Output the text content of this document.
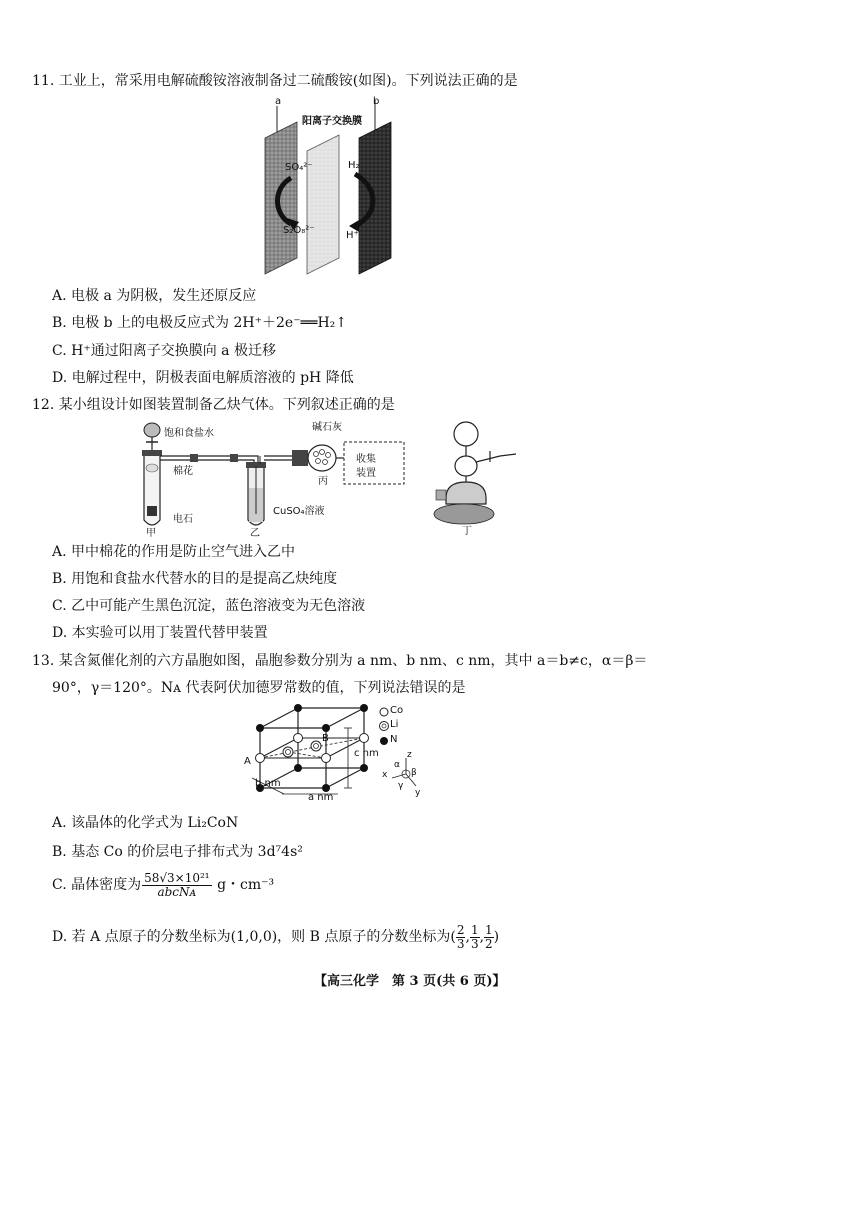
11. 工业上，常采用电解硫酸铵溶液制备过二硫酸铵(如图)。下列说法正确的是
a	b
阳离子交换膜
SO₄²⁻
S₂O₈²⁻
H₂
H⁺
A. 电极 a 为阴极，发生还原反应
B. 电极 b 上的电极反应式为 2H⁺＋2e⁻══H₂↑
C. H⁺通过阳离子交换膜向 a 极迁移
D. 电解过程中，阴极表面电解质溶液的 pH 降低
12. 某小组设计如图装置制备乙炔气体。下列叙述正确的是
饱和食盐水
棉花
电石
甲	乙
CuSO₄溶液
碱石灰
丙
收集
装置
丁
A. 甲中棉花的作用是防止空气进入乙中
B. 用饱和食盐水代替水的目的是提高乙炔纯度
C. 乙中可能产生黑色沉淀，蓝色溶液变为无色溶液
D. 本实验可以用丁装置代替甲装置
13. 某含氮催化剂的六方晶胞如图，晶胞参数分别为 a nm、b nm、c nm，其中 a＝b≠c，α＝β＝
90°，γ＝120°。Nᴀ 代表阿伏加德罗常数的值，下列说法错误的是
Co
Li
N
A
B
c nm
b nm
a nm
z
x
y
α
β
γ
A. 该晶体的化学式为 Li₂CoN
B. 基态 Co 的价层电子排布式为 3d⁷4s²
C. 晶体密度为 $\frac{\text{58√3×10²¹}}{\text{abcNᴀ}}$ g・cm⁻³
D. 若 A 点原子的分数坐标为(1,0,0)，则 B 点原子的分数坐标为( $\frac{2}{3}$ , $\frac{1}{3}$ , $\frac{1}{2}$ )
【高三化学　第 3 页(共 6 页)】
